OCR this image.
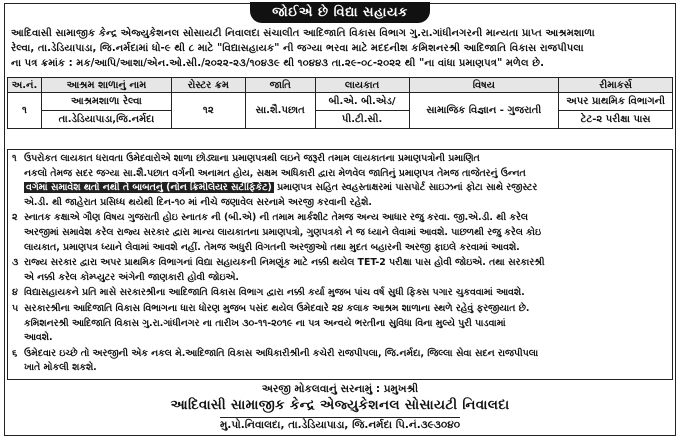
જોઈએ છે વિદ્યા સહાયક
આદિવાસી સામાજીક કેન્દ્ર એજ્યુકેશનલ સોસાયટી નિવાલદા સંચાલીત આદિજાતિ વિકાસ વિભાગ ગુ.રા.ગાંધીનગરની માન્યતા પ્રાપ્ત આશ્રમશાળા
રેલ્વા, તા.ડેડિયાપાડા, જિ.નર્મદામાં ધો-૯ થી ૮ માટે "વિદ્યાસહાયક" ની જગ્યા ભરવા માટે મદદનીશ કમિશનરશ્રી આદિજાતિ વિકાસ રાજપીપલા
ના પત્ર ક્રમાંક : મક/આપિ/આશા/એન.ઓ.સી./૨૦૨૨-૨૩/૧૦૪૩૯ થી ૧૦૪૪૩ તા.૨૯-૦૮-૨૦૨૨ થી "ના વાંધા પ્રમાણપત્ર" મળેલ છે.
અ.નં.	આશ્રમ શાળાનું નામ	રોસ્ટર ક્રમ	જાતિ	લાયકાત	વિષય	રીમાકર્સ
૧	આશ્રમશાળા રેલ્વા	૧૨	સા.શૈ.પછાત	બી.એ. બી.એડ/	સામાજિક વિજ્ઞાન - ગુજરાતી	અપર પ્રાથમિક વિભાગની
	તા.ડેડિયાપાડા,જિ.નર્મદા			પી.ટી.સી.		ટેટ-૨ પરીક્ષા પાસ
૧ ઉપરોકત લાયકાત ધરાવતા ઉમેદવારોએ શાળા છોડ્યાના પ્રમાણપત્રથી લઇને જરૂરી તમામ લાયકાતના પ્રમાણપત્રોની પ્રમાણિત
નકલો તેમજ સદર જગ્યા સા.શૈ.પછાત વર્ગની અનામત હોય, સક્ષમ અધિકારી દ્વારા મેળવેલ જાતિનું પ્રમાણપત્ર તેમજ તાજેતરનું ઉન્નત
વર્ગમાં સમાવેશ થતો નથી તે બાબતનું (નોન ક્રિમીલેયર સર્ટીફિકેટ) પ્રમાણપત્ર સહિત સ્વહસ્તાક્ષરમાં પાસપોર્ટ સાઇઝનાં ફોટા સાથે રજીસ્ટર
એ.ડી. થી જાહેરાત પ્રસિધ્ધ થયેથી દિન-૧૦ માં નીચે જણાવેલ સરનામે અરજી કરવાની રહેશે.
૨ સ્નાતક કક્ષાએ ગૌણ વિષય ગુજરાતી હોઇ સ્નાતક ની (બી.એ) ની તમામ માર્કશીટ તેમજ અન્ય આધાર રજુ કરવા. જી.એ.ડી. થી કરેલ
અરજીમાં સમાવેશ કરેલ રાજ્ય સરકાર દ્વારા માન્ય લાયકાતના પ્રમાણપત્રો, ગુણપત્રકો ને જ ધ્યાને લેવામાં આવશે. પાછળથી રજુ કરેલ કોઇ
લાયકાત, પ્રમાણપત્ર ધ્યાને લેવામાં આવશે નહીં. તેમજ અધુરી વિગતની અરજીઓ તથા મુદત બહારની અરજી ફાઇલે કરવામાં આવશે.
૩ રાજ્ય સરકાર દ્વારા અપર પ્રાથમિક વિભાગનાં વિદ્યા સહાયકની નિમણૂંક માટે નક્કી થયેલ TET-2 પરીક્ષા પાસ હોવી જોઇએ. તથા સરકારશ્રી
એ નક્કી કરેલ કોમ્પ્યુટર અંગેની જાણકારી હોવી જોઇએ.
૪ વિદ્યાસહાયકને પ્રતિ માસે સરકારશ્રીના આદિજાતિ વિકાસ વિભાગ દ્વારા નક્કી કર્યા મુજબ પાંચ વર્ષ સુધી ફિક્સ પગાર ચુકવવામાં આવશે.
૫ સરકારશ્રીના આદિજાતિ વિકાસ વિભાગના ધારા ધોરણ મુજબ પસંદ થયેલ ઉમેદવારે ૨૪ કલાક આશ્રમ શાળાના સ્થળે રહેવું ફરજીયાત છે.
કમિશનરશ્રી આદિજાતિ વિકાસ ગુ.રા.ગાંધીનગર ના તારીખ ૩૦-૧૧-૨૦૧૯ ના પત્ર અન્વયે ભરતીના સુવિધા વિના મુલ્યે પુરી પાડવામાં
આવશે.
૬ ઉમેદવાર ઇચ્છે તો અરજીની એક નકલ મે.આદિજાતિ વિકાસ અધિકારીશ્રીની કચેરી રાજપીપલા, જિ.નર્મદા, જિલ્લા સેવા સદન રાજપીપલા
ખાતે મોકલી શકશે.
અરજી મોકલવાનું સરનામું : પ્રમુખશ્રી
આદિવાસી સામાજીક કેન્દ્ર એજ્યુકેશનલ સોસાયટી નિવાલદા
મુ.પો.નિવાલદા, તા.ડેડિયાપાડા, જિ.નર્મદા પિ.નં.૩૯૩૦૪૦
